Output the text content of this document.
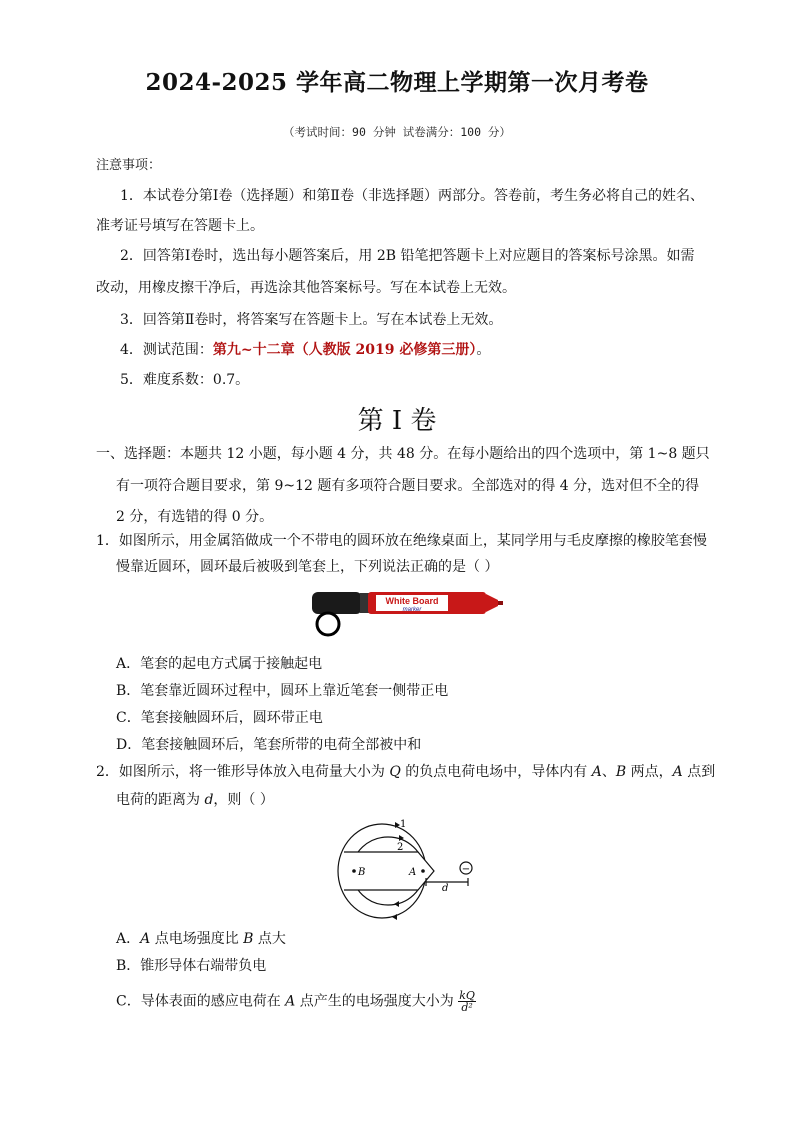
2024-2025 学年高二物理上学期第一次月考卷
（考试时间：90 分钟 试卷满分：100 分）
注意事项：
1．本试卷分第Ⅰ卷（选择题）和第Ⅱ卷（非选择题）两部分。答卷前，考生务必将自己的姓名、
准考证号填写在答题卡上。
2．回答第Ⅰ卷时，选出每小题答案后，用 2B 铅笔把答题卡上对应题目的答案标号涂黑。如需
改动，用橡皮擦干净后，再选涂其他答案标号。写在本试卷上无效。
3．回答第Ⅱ卷时，将答案写在答题卡上。写在本试卷上无效。
4．测试范围：第九~十二章（人教版 2019 必修第三册）。
5．难度系数：0.7。
第 I 卷
一、选择题：本题共 12 小题，每小题 4 分，共 48 分。在每小题给出的四个选项中，第 1~8 题只
有一项符合题目要求，第 9~12 题有多项符合题目要求。全部选对的得 4 分，选对但不全的得
2 分，有选错的得 0 分。
1．如图所示，用金属箔做成一个不带电的圆环放在绝缘桌面上，某同学用与毛皮摩擦的橡胶笔套慢
慢靠近圆环，圆环最后被吸到笔套上，下列说法正确的是（ ）
White Board
marker
A．笔套的起电方式属于接触起电
B．笔套靠近圆环过程中，圆环上靠近笔套一侧带正电
C．笔套接触圆环后，圆环带正电
D．笔套接触圆环后，笔套所带的电荷全部被中和
2．如图所示，将一锥形导体放入电荷量大小为 Q 的负点电荷电场中，导体内有 A、B 两点，A 点到
电荷的距离为 d，则（ ）
−
1
2
B	A
d
A．A 点电场强度比 B 点大
B．锥形导体右端带负电
C．导体表面的感应电荷在 A 点产生的电场强度大小为 $\frac{kQ}{\text{d²}}$
